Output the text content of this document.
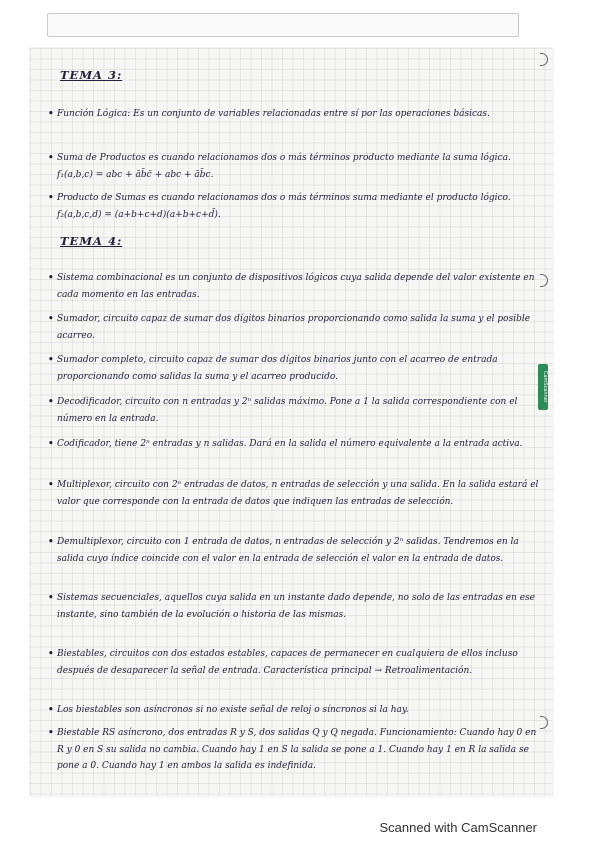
TEMA 3:
• Función Lógica: Es un conjunto de variables relacionadas entre sí por las operaciones básicas.
• Suma de Productos es cuando relacionamos dos o más términos producto mediante la suma lógica. f₁(a,b,c) = abc + āb̄c̄ + abc + āb̄c.
• Producto de Sumas es cuando relacionamos dos o más términos suma mediante el producto lógico. f₂(a,b,c,d) = (a+b+c+d)(a+b+c+d̄).
TEMA 4:
• Sistema combinacional es un conjunto de dispositivos lógicos cuya salida depende del valor existente en cada momento en las entradas.
• Sumador, circuito capaz de sumar dos dígitos binarios proporcionando como salida la suma y el posible acarreo.
• Sumador completo, circuito capaz de sumar dos dígitos binarios junto con el acarreo de entrada proporcionando como salidas la suma y el acarreo producido.
• Decodificador, circuito con n entradas y 2ⁿ salidas máximo. Pone a 1 la salida correspondiente con el número en la entrada.
• Codificador, tiene 2ⁿ entradas y n salidas. Dará en la salida el número equivalente a la entrada activa.
• Multiplexor, circuito con 2ⁿ entradas de datos, n entradas de selección y una salida. En la salida estará el valor que corresponde con la entrada de datos que indiquen las entradas de selección.
• Demultiplexor, circuito con 1 entrada de datos, n entradas de selección y 2ⁿ salidas. Tendremos en la salida cuyo índice coincide con el valor en la entrada de selección el valor en la entrada de datos.
• Sistemas secuenciales, aquellos cuya salida en un instante dado depende, no solo de las entradas en ese instante, sino también de la evolución o historia de las mismas.
• Biestables, circuitos con dos estados estables, capaces de permanecer en cualquiera de ellos incluso después de desaparecer la señal de entrada. Característica principal → Retroalimentación.
• Los biestables son asíncronos si no existe señal de reloj o síncronos si la hay.
• Biestable RS asíncrono, dos entradas R y S, dos salidas Q y Q negada. Funcionamiento: Cuando hay 0 en R y 0 en S su salida no cambia. Cuando hay 1 en S la salida se pone a 1. Cuando hay 1 en R la salida se pone a 0. Cuando hay 1 en ambos la salida es indefinida.
CamScanner
Scanned with CamScanner
